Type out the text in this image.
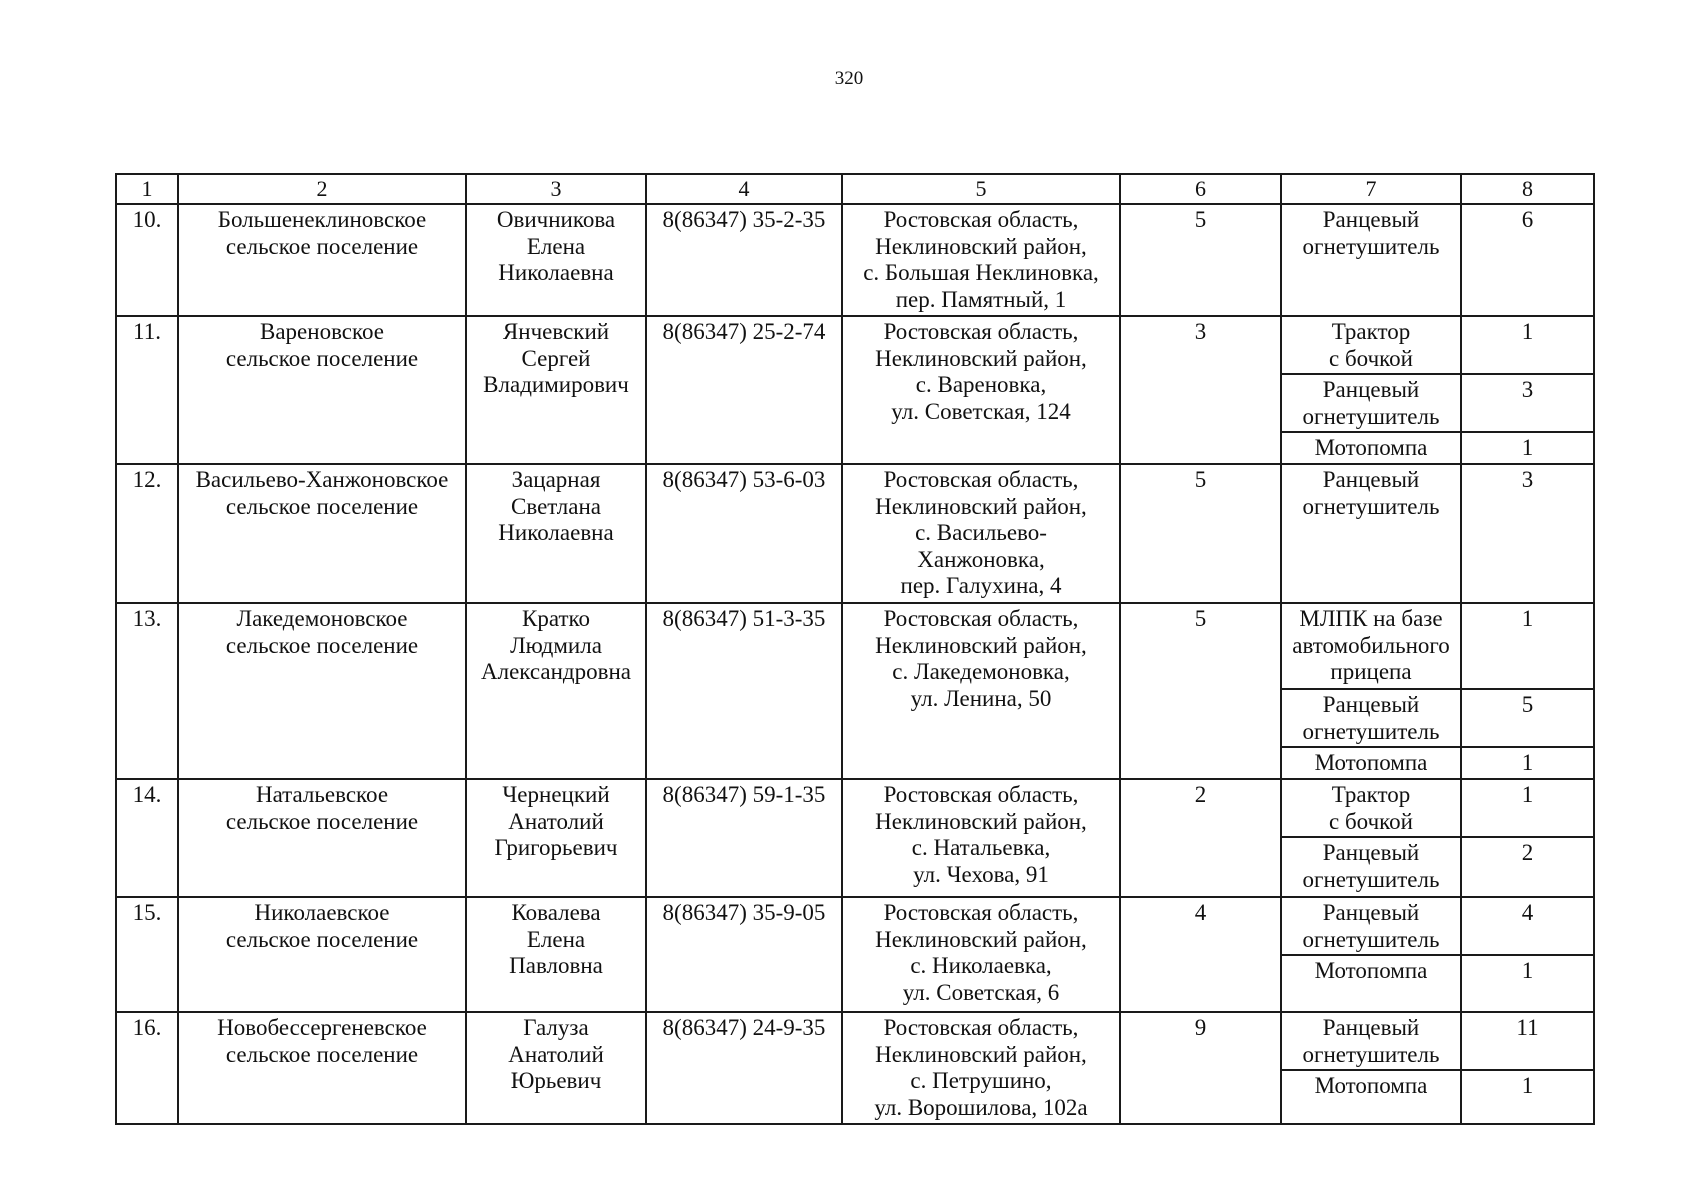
320
1	2	3	4	5	6	7	8
10.	Большенеклиновское
сельское поселение	Овичникова
Елена
Николаевна	8(86347) 35-2-35	Ростовская область,
Неклиновский район,
с. Большая Неклиновка,
пер. Памятный, 1	5	Ранцевый
огнетушитель	6
11.	Вареновское
сельское поселение	Янчевский
Сергей
Владимирович	8(86347) 25-2-74	Ростовская область,
Неклиновский район,
с. Вареновка,
ул. Советская, 124	3	Трактор
с бочкой	1

						Ранцевый
огнетушитель	3

						Мотопомпа	1
12.	Васильево-Ханжоновское
сельское поселение	Зацарная
Светлана
Николаевна	8(86347) 53-6-03	Ростовская область,
Неклиновский район,
с. Васильево-
Ханжоновка,
пер. Галухина, 4	5	Ранцевый
огнетушитель	3
13.	Лакедемоновское
сельское поселение	Кратко
Людмила
Александровна	8(86347) 51-3-35	Ростовская область,
Неклиновский район,
с. Лакедемоновка,
ул. Ленина, 50	5	МЛПК на базе
автомобильного
прицепа	1

						Ранцевый
огнетушитель	5

						Мотопомпа	1
14.	Натальевское
сельское поселение	Чернецкий
Анатолий
Григорьевич	8(86347) 59-1-35	Ростовская область,
Неклиновский район,
с. Натальевка,
ул. Чехова, 91	2	Трактор
с бочкой	1

						Ранцевый
огнетушитель	2
15.	Николаевское
сельское поселение	Ковалева
Елена
Павловна	8(86347) 35-9-05	Ростовская область,
Неклиновский район,
с. Николаевка,
ул. Советская, 6	4	Ранцевый
огнетушитель	4

						Мотопомпа	1
16.	Новобессергеневское
сельское поселение	Галуза
Анатолий
Юрьевич	8(86347) 24-9-35	Ростовская область,
Неклиновский район,
с. Петрушино,
ул. Ворошилова, 102а	9	Ранцевый
огнетушитель	11

						Мотопомпа	1
